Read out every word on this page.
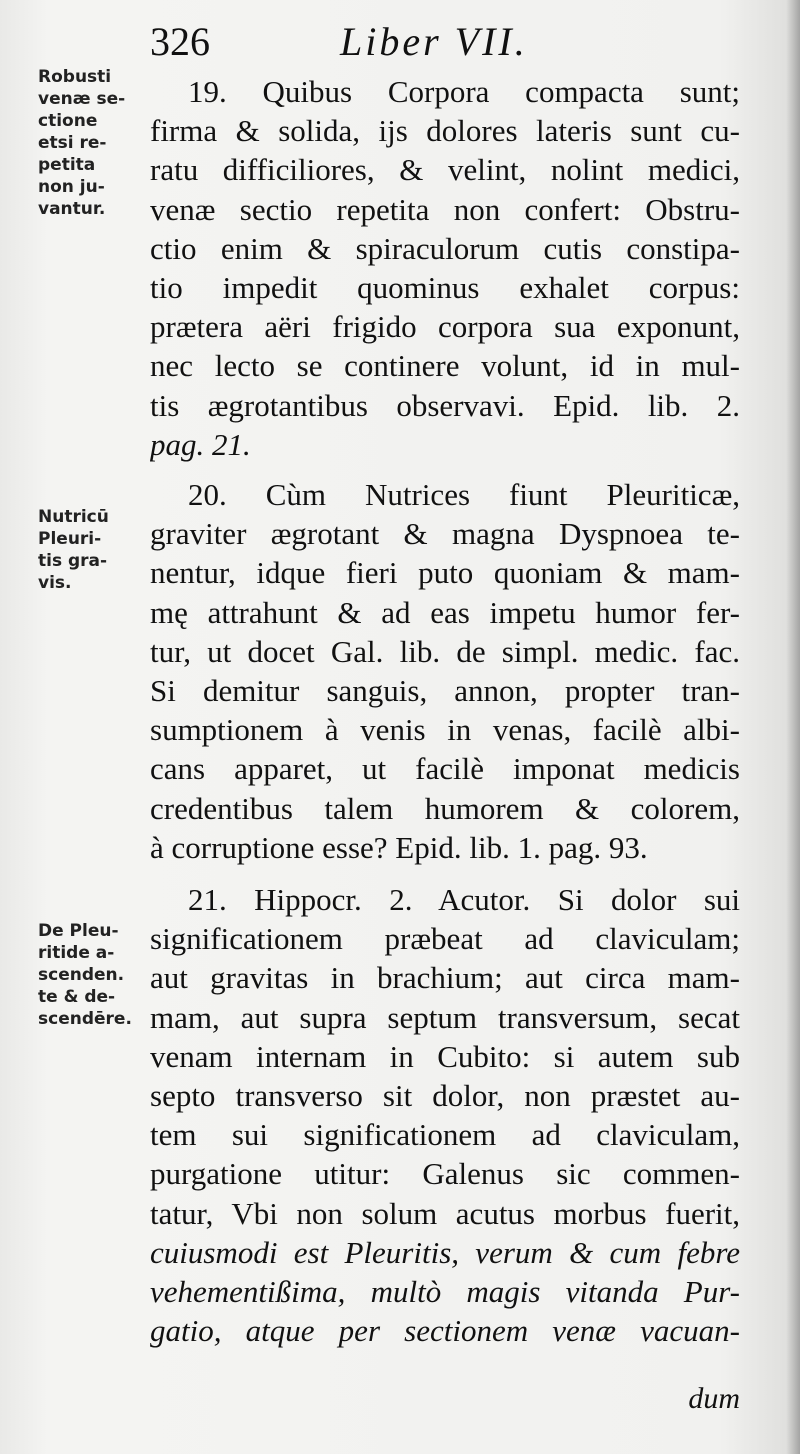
326	Liber VII.
Robusti
venæ se-
ctione
etsi re-
petita
non ju-
vantur.
Nutricū
Pleuri-
tis gra-
vis.
De Pleu-
ritide a-
scenden.
te & de-
scendēre.
19. Quibus Corpora compacta sunt;
firma & solida, ijs dolores lateris sunt cu-
ratu difficiliores, & velint, nolint medici,
venæ sectio repetita non confert: Obstru-
ctio enim & spiraculorum cutis constipa-
tio impedit quominus exhalet corpus:
prætera aëri frigido corpora sua exponunt,
nec lecto se continere volunt, id in mul-
tis ægrotantibus observavi. Epid. lib. 2.
pag. 21.
20. Cùm Nutrices fiunt Pleuriticæ,
graviter ægrotant & magna Dyspnoea te-
nentur, idque fieri puto quoniam & mam-
mę attrahunt & ad eas impetu humor fer-
tur, ut docet Gal. lib. de simpl. medic. fac.
Si demitur sanguis, annon, propter tran-
sumptionem à venis in venas, facilè albi-
cans apparet, ut facilè imponat medicis
credentibus talem humorem & colorem,
à corruptione esse? Epid. lib. 1. pag. 93.
21. Hippocr. 2. Acutor. Si dolor sui
significationem præbeat ad claviculam;
aut gravitas in brachium; aut circa mam-
mam, aut supra septum transversum, secat
venam internam in Cubito: si autem sub
septo transverso sit dolor, non præstet au-
tem sui significationem ad claviculam,
purgatione utitur: Galenus sic commen-
tatur, Vbi non solum acutus morbus fuerit,
cuiusmodi est Pleuritis, verum & cum febre
vehementißima, multò magis vitanda Pur-
gatio, atque per sectionem venæ vacuan-
dum
